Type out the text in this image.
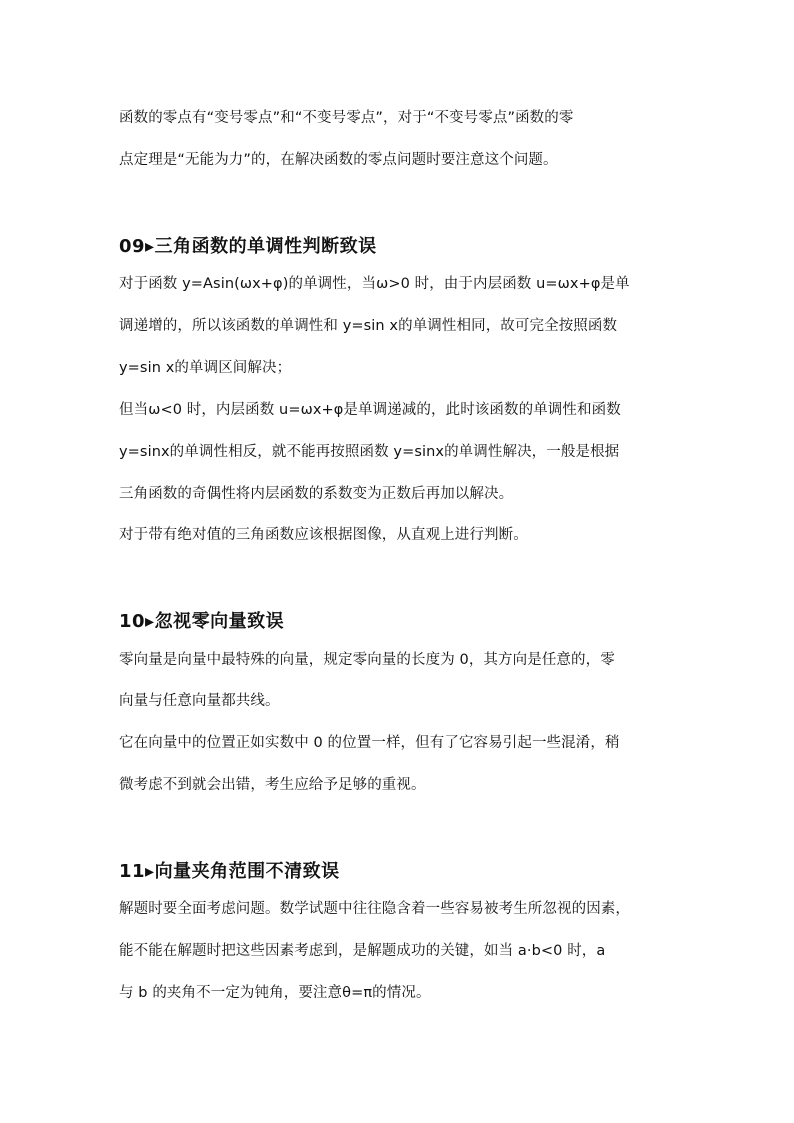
函数的零点有“变号零点”和“不变号零点”，对于“不变号零点”函数的零
点定理是“无能为力”的，在解决函数的零点问题时要注意这个问题。
09▸三角函数的单调性判断致误
对于函数 y=Asin(ωx+φ)的单调性，当ω>0 时，由于内层函数 u=ωx+φ是单
调递增的，所以该函数的单调性和 y=sin x的单调性相同，故可完全按照函数
y=sin x的单调区间解决；
但当ω<0 时，内层函数 u=ωx+φ是单调递减的，此时该函数的单调性和函数
y=sinx的单调性相反，就不能再按照函数 y=sinx的单调性解决，一般是根据
三角函数的奇偶性将内层函数的系数变为正数后再加以解决。
对于带有绝对值的三角函数应该根据图像，从直观上进行判断。
10▸忽视零向量致误
零向量是向量中最特殊的向量，规定零向量的长度为 0，其方向是任意的，零
向量与任意向量都共线。
它在向量中的位置正如实数中 0 的位置一样，但有了它容易引起一些混淆，稍
微考虑不到就会出错，考生应给予足够的重视。
11▸向量夹角范围不清致误
解题时要全面考虑问题。数学试题中往往隐含着一些容易被考生所忽视的因素，
能不能在解题时把这些因素考虑到，是解题成功的关键，如当 a·b<0 时，a
与 b 的夹角不一定为钝角，要注意θ=π的情况。
